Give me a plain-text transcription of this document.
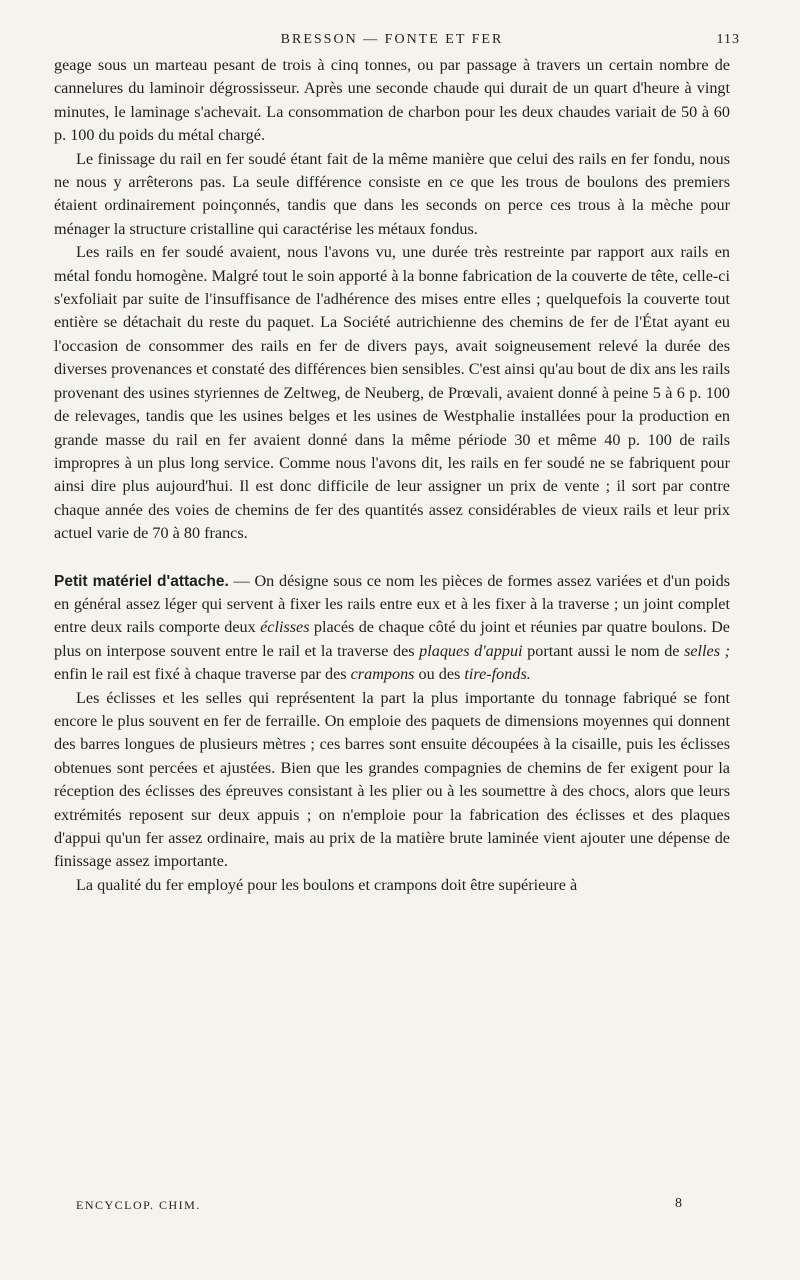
BRESSON — FONTE ET FER	113

geage sous un marteau pesant de trois à cinq tonnes, ou par passage à travers un certain nombre de cannelures du laminoir dégrossisseur. Après une seconde chaude qui durait de un quart d'heure à vingt minutes, le laminage s'achevait. La consommation de charbon pour les deux chaudes variait de 50 à 60 p. 100 du poids du métal chargé.

Le finissage du rail en fer soudé étant fait de la même manière que celui des rails en fer fondu, nous ne nous y arrêterons pas. La seule différence consiste en ce que les trous de boulons des premiers étaient ordinairement poinçonnés, tandis que dans les seconds on perce ces trous à la mèche pour ménager la structure cristalline qui caractérise les métaux fondus.

Les rails en fer soudé avaient, nous l'avons vu, une durée très restreinte par rapport aux rails en métal fondu homogène. Malgré tout le soin apporté à la bonne fabrication de la couverte de tête, celle-ci s'exfoliait par suite de l'insuffisance de l'adhérence des mises entre elles ; quelquefois la couverte tout entière se détachait du reste du paquet. La Société autrichienne des chemins de fer de l'État ayant eu l'occasion de consommer des rails en fer de divers pays, avait soigneusement relevé la durée des diverses provenances et constaté des différences bien sensibles. C'est ainsi qu'au bout de dix ans les rails provenant des usines styriennes de Zeltweg, de Neuberg, de Prœvali, avaient donné à peine 5 à 6 p. 100 de relevages, tandis que les usines belges et les usines de Westphalie installées pour la production en grande masse du rail en fer avaient donné dans la même période 30 et même 40 p. 100 de rails impropres à un plus long service. Comme nous l'avons dit, les rails en fer soudé ne se fabriquent pour ainsi dire plus aujourd'hui. Il est donc difficile de leur assigner un prix de vente ; il sort par contre chaque année des voies de chemins de fer des quantités assez considérables de vieux rails et leur prix actuel varie de 70 à 80 francs.

Petit matériel d'attache. — On désigne sous ce nom les pièces de formes assez variées et d'un poids en général assez léger qui servent à fixer les rails entre eux et à les fixer à la traverse ; un joint complet entre deux rails comporte deux éclisses placés de chaque côté du joint et réunies par quatre boulons. De plus on interpose souvent entre le rail et la traverse des plaques d'appui portant aussi le nom de selles ; enfin le rail est fixé à chaque traverse par des crampons ou des tire-fonds.

Les éclisses et les selles qui représentent la part la plus importante du tonnage fabriqué se font encore le plus souvent en fer de ferraille. On emploie des paquets de dimensions moyennes qui donnent des barres longues de plusieurs mètres ; ces barres sont ensuite découpées à la cisaille, puis les éclisses obtenues sont percées et ajustées. Bien que les grandes compagnies de chemins de fer exigent pour la réception des éclisses des épreuves consistant à les plier ou à les soumettre à des chocs, alors que leurs extrémités reposent sur deux appuis ; on n'emploie pour la fabrication des éclisses et des plaques d'appui qu'un fer assez ordinaire, mais au prix de la matière brute laminée vient ajouter une dépense de finissage assez importante.

La qualité du fer employé pour les boulons et crampons doit être supérieure à

ENCYCLOP. CHIM.	8
